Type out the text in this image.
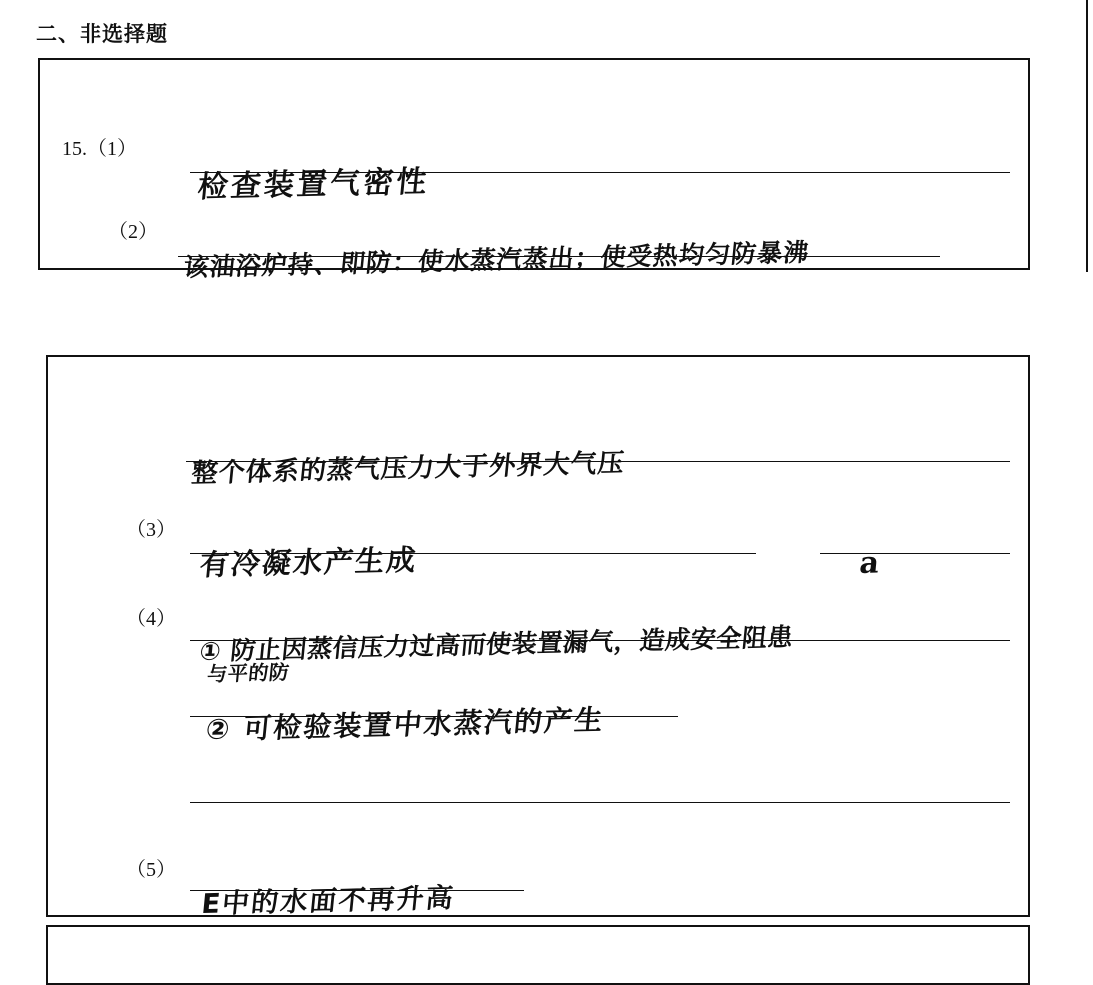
二、非选择题
15.（1）
检查装置气密性
（2）
该油浴炉持、即防：使水蒸汽蒸出；使受热均匀防暴沸
整个体系的蒸气压力大于外界大气压
（3）
有冷凝水产生成	a
（4）
① 防止因蒸信压力过高而使装置漏气，造成安全阻患
与平的防
② 可检验装置中水蒸汽的产生
（5）
E中的水面不再升高
